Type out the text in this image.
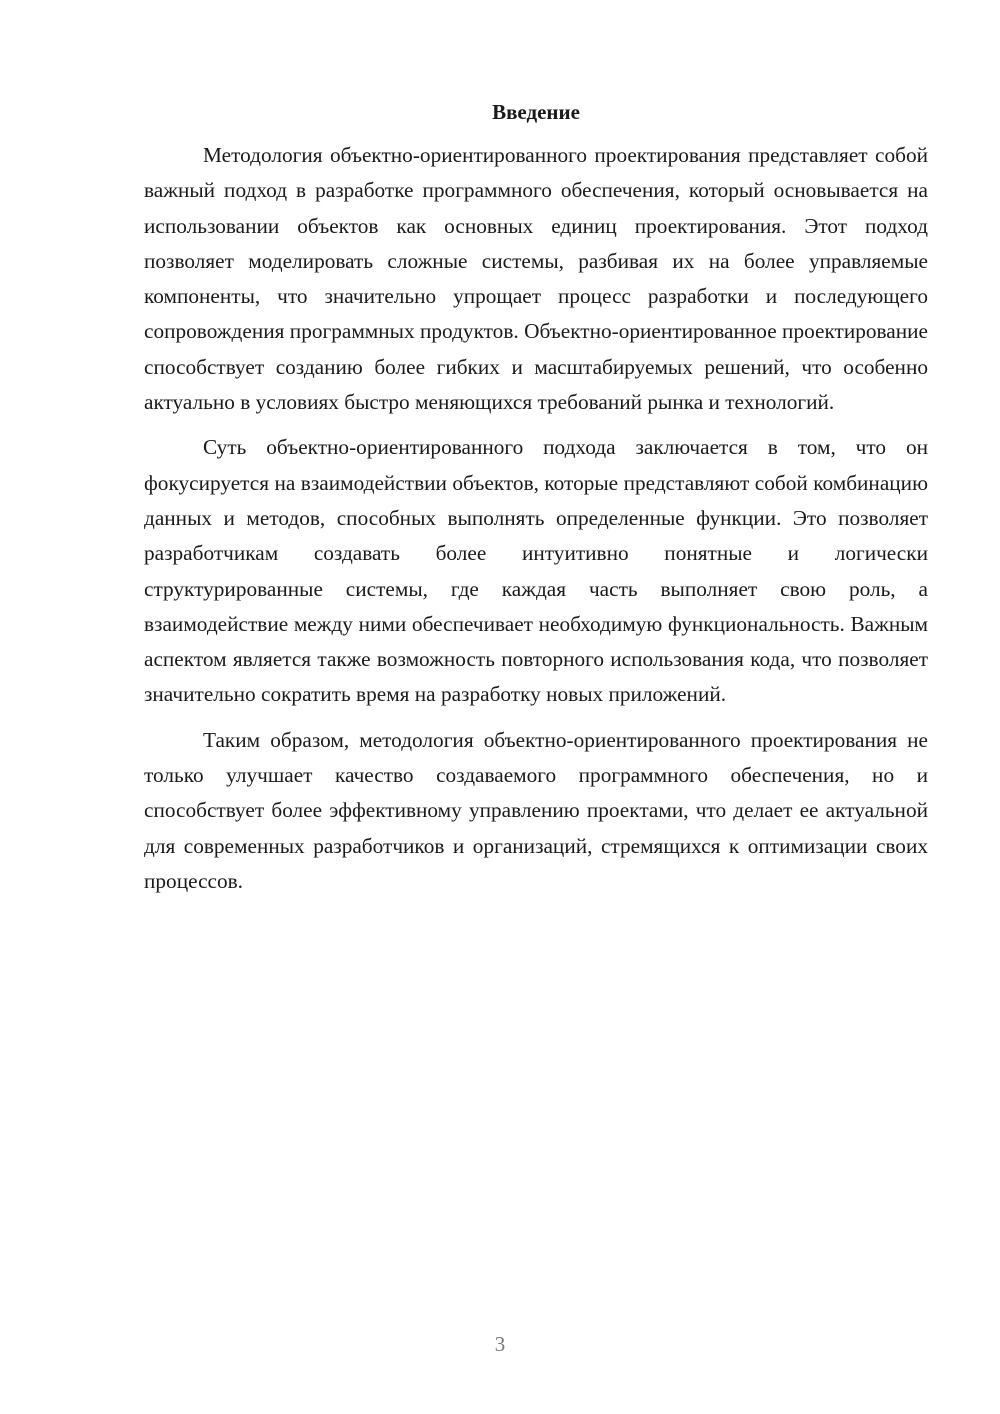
Введение

Методология объектно-ориентированного проектирования представляет собой важный подход в разработке программного обеспечения, который основывается на использовании объектов как основных единиц проектирования. Этот подход позволяет моделировать сложные системы, разбивая их на более управляемые компоненты, что значительно упрощает процесс разработки и последующего сопровождения программных продуктов. Объектно-ориентированное проектирование способствует созданию более гибких и масштабируемых решений, что особенно актуально в условиях быстро меняющихся требований рынка и технологий.

Суть объектно-ориентированного подхода заключается в том, что он фокусируется на взаимодействии объектов, которые представляют собой комбинацию данных и методов, способных выполнять определенные функции. Это позволяет разработчикам создавать более интуитивно понятные и логически структурированные системы, где каждая часть выполняет свою роль, а взаимодействие между ними обеспечивает необходимую функциональность. Важным аспектом является также возможность повторного использования кода, что позволяет значительно сократить время на разработку новых приложений.

Таким образом, методология объектно-ориентированного проектирования не только улучшает качество создаваемого программного обеспечения, но и способствует более эффективному управлению проектами, что делает ее актуальной для современных разработчиков и организаций, стремящихся к оптимизации своих процессов.

3
